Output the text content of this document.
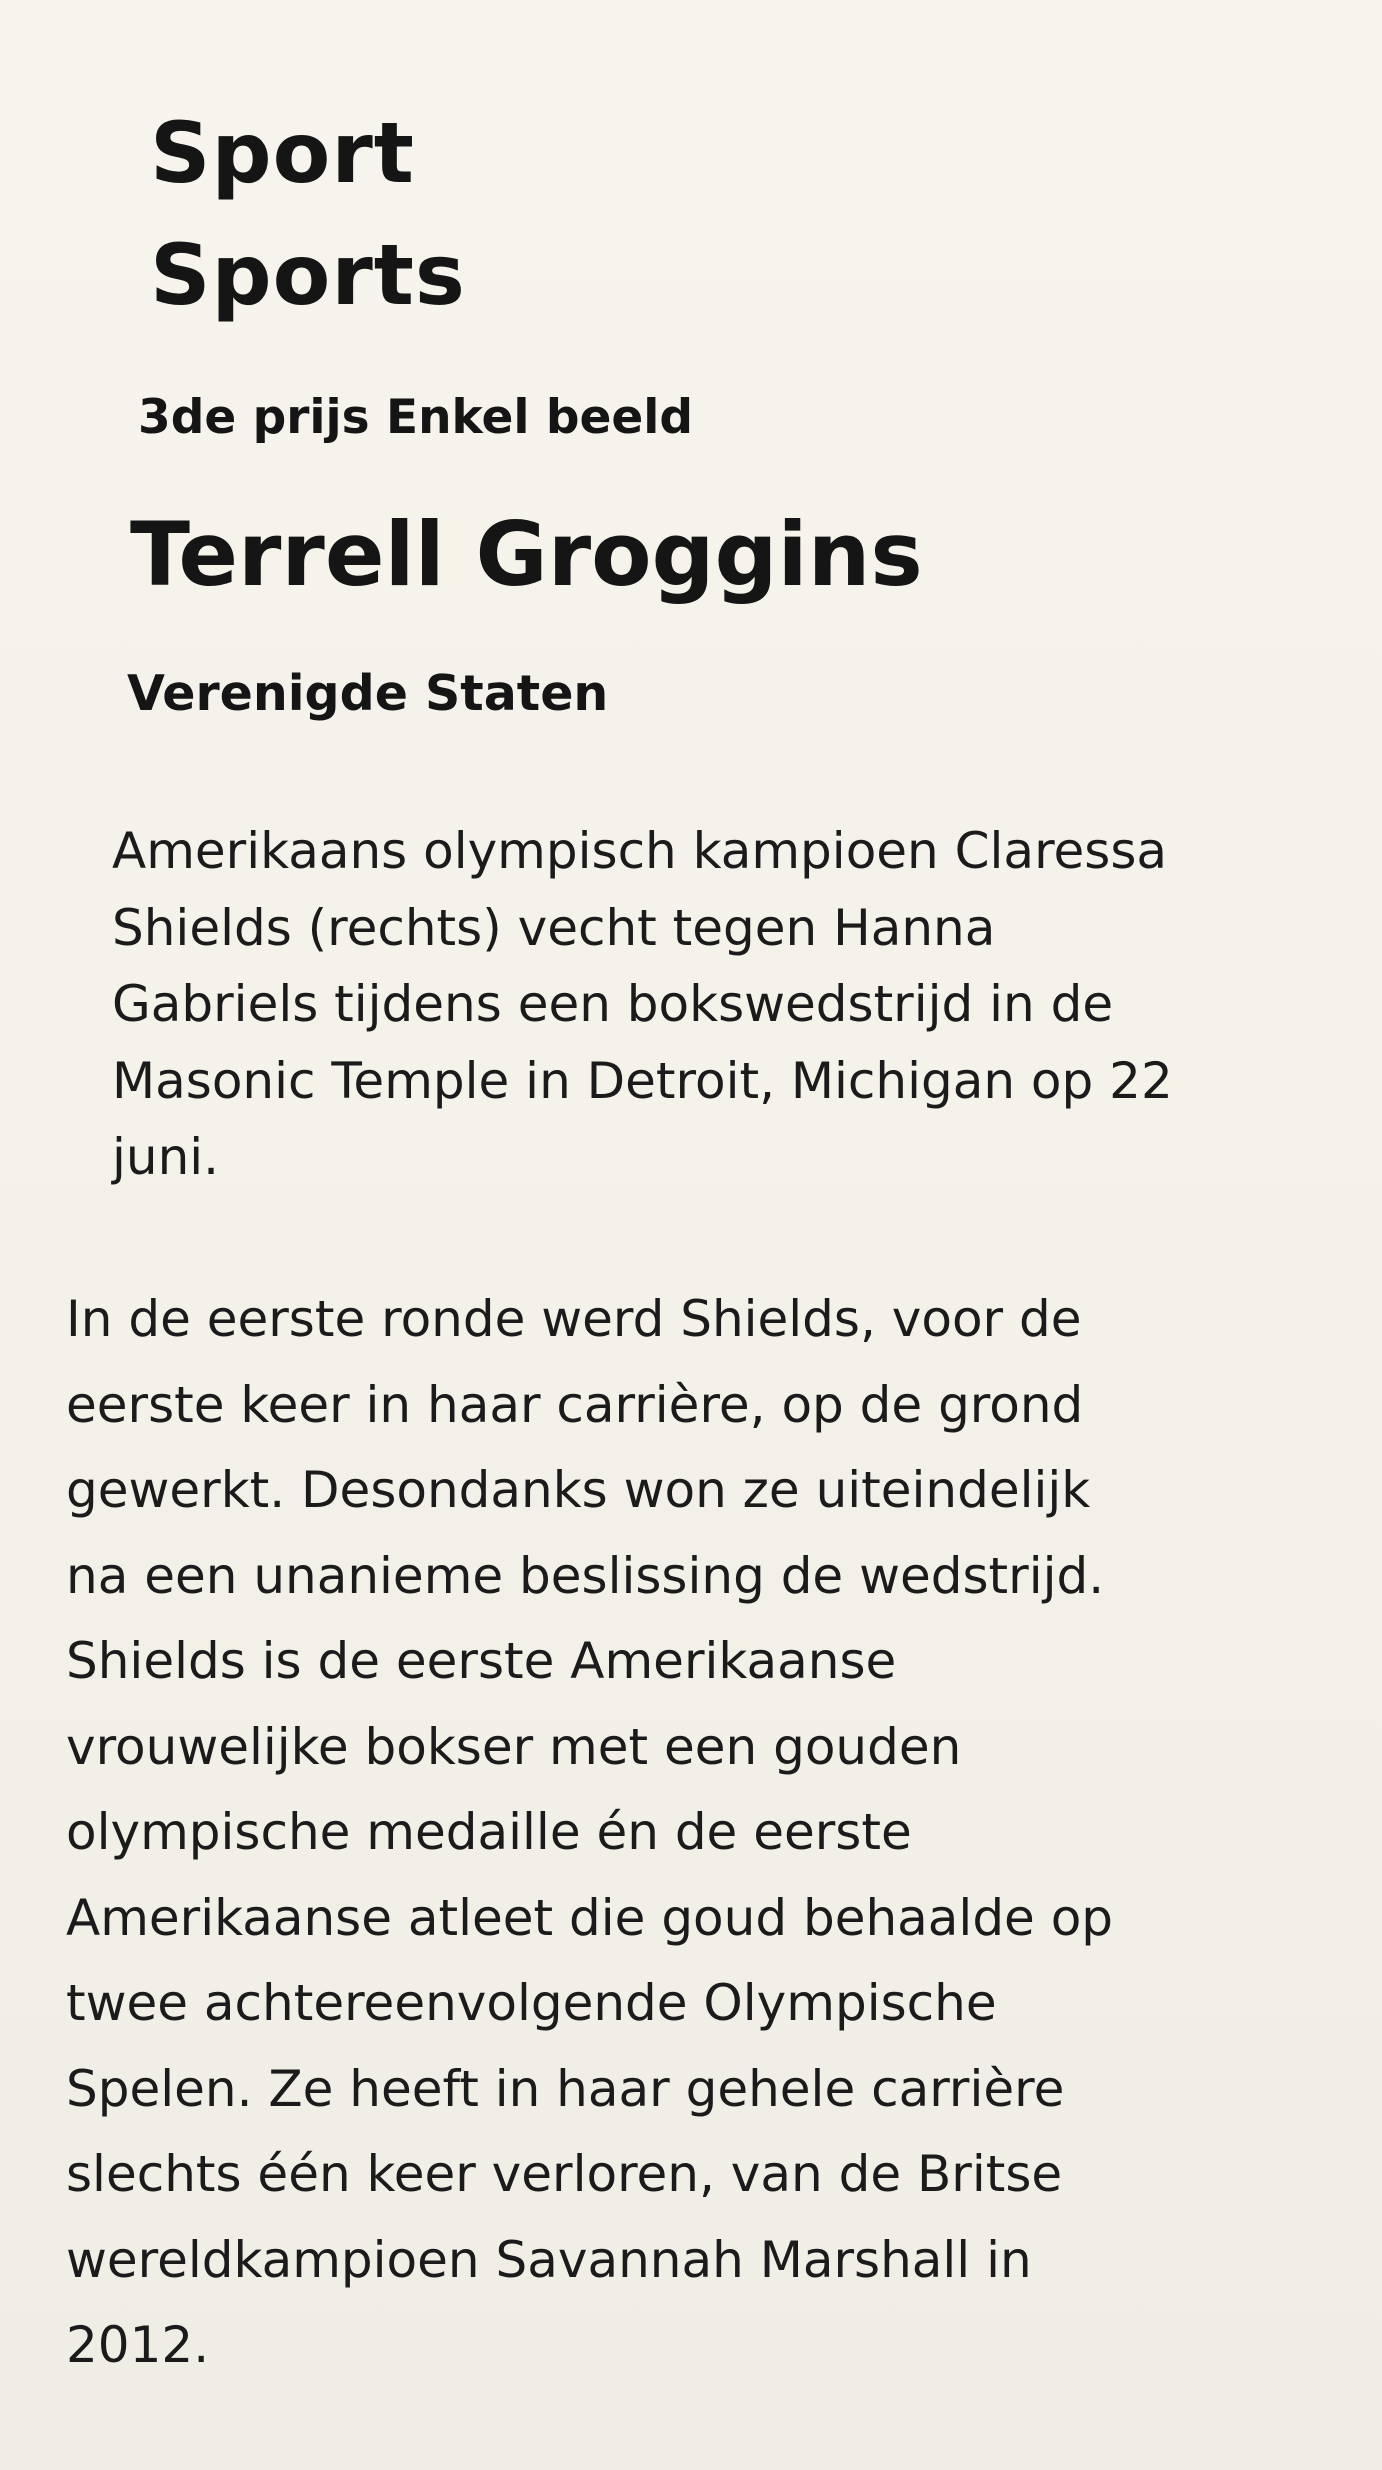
Sport
Sports
3de prijs Enkel beeld
Terrell Groggins
Verenigde Staten

Amerikaans olympisch kampioen Claressa
Shields (rechts) vecht tegen Hanna
Gabriels tijdens een bokswedstrijd in de
Masonic Temple in Detroit, Michigan op 22
juni.

In de eerste ronde werd Shields, voor de
eerste keer in haar carrière, op de grond
gewerkt. Desondanks won ze uiteindelijk
na een unanieme beslissing de wedstrijd.
Shields is de eerste Amerikaanse
vrouwelijke bokser met een gouden
olympische medaille én de eerste
Amerikaanse atleet die goud behaalde op
twee achtereenvolgende Olympische
Spelen. Ze heeft in haar gehele carrière
slechts één keer verloren, van de Britse
wereldkampioen Savannah Marshall in
2012.
